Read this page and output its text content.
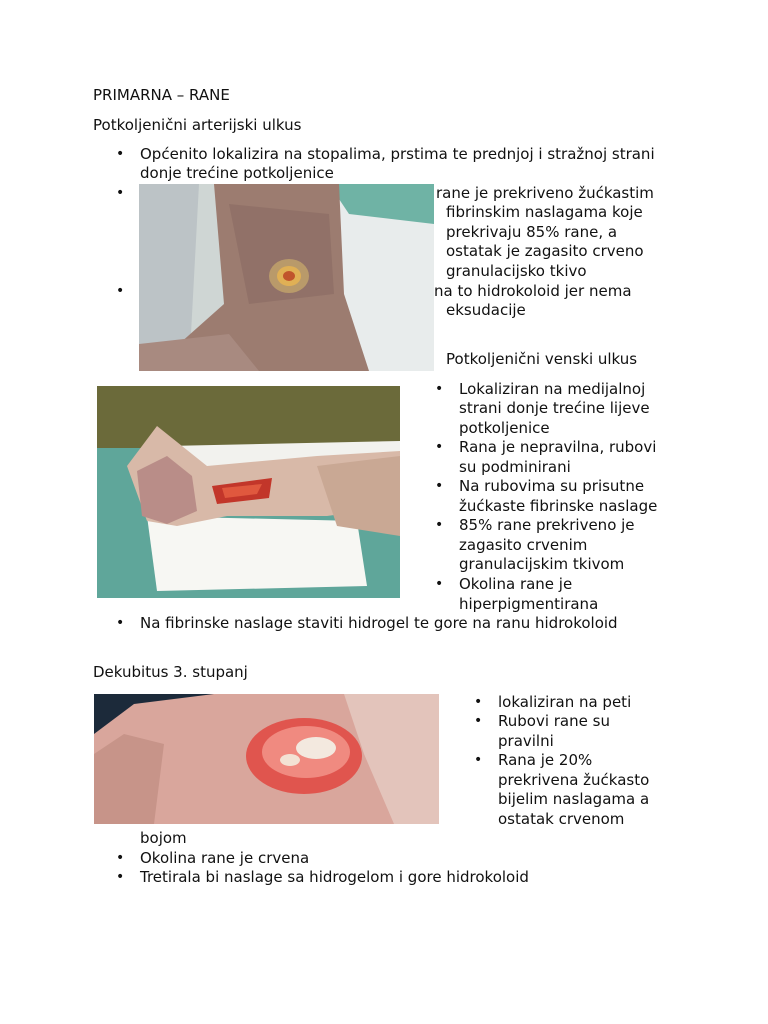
PRIMARNA – RANE
Potkoljenični arterijski ulkus
• Općenito lokalizira na stopalima, prstima te prednjoj i stražnoj strani
donje trećine potkoljenice
•	rane je prekriveno žućkastim
fibrinskim naslagama koje
prekrivaju 85% rane, a
ostatak je zagasito crveno
granulacijsko tkivo
•	na to hidrokoloid jer nema
eksudacije
Potkoljenični venski ulkus
• Lokaliziran na medijalnoj
strani donje trećine lijeve
potkoljenice
• Rana je nepravilna, rubovi
su podminirani
• Na rubovima su prisutne
žućkaste fibrinske naslage
• 85% rane prekriveno je
zagasito crvenim
granulacijskim tkivom
• Okolina rane je
hiperpigmentirana
• Na fibrinske naslage staviti hidrogel te gore na ranu hidrokoloid
Dekubitus 3. stupanj
• lokaliziran na peti
• Rubovi rane su
pravilni
• Rana je 20%
prekrivena žućkasto
bijelim naslagama a
ostatak crvenom
bojom
• Okolina rane je crvena
• Tretirala bi naslage sa hidrogelom i gore hidrokoloid
